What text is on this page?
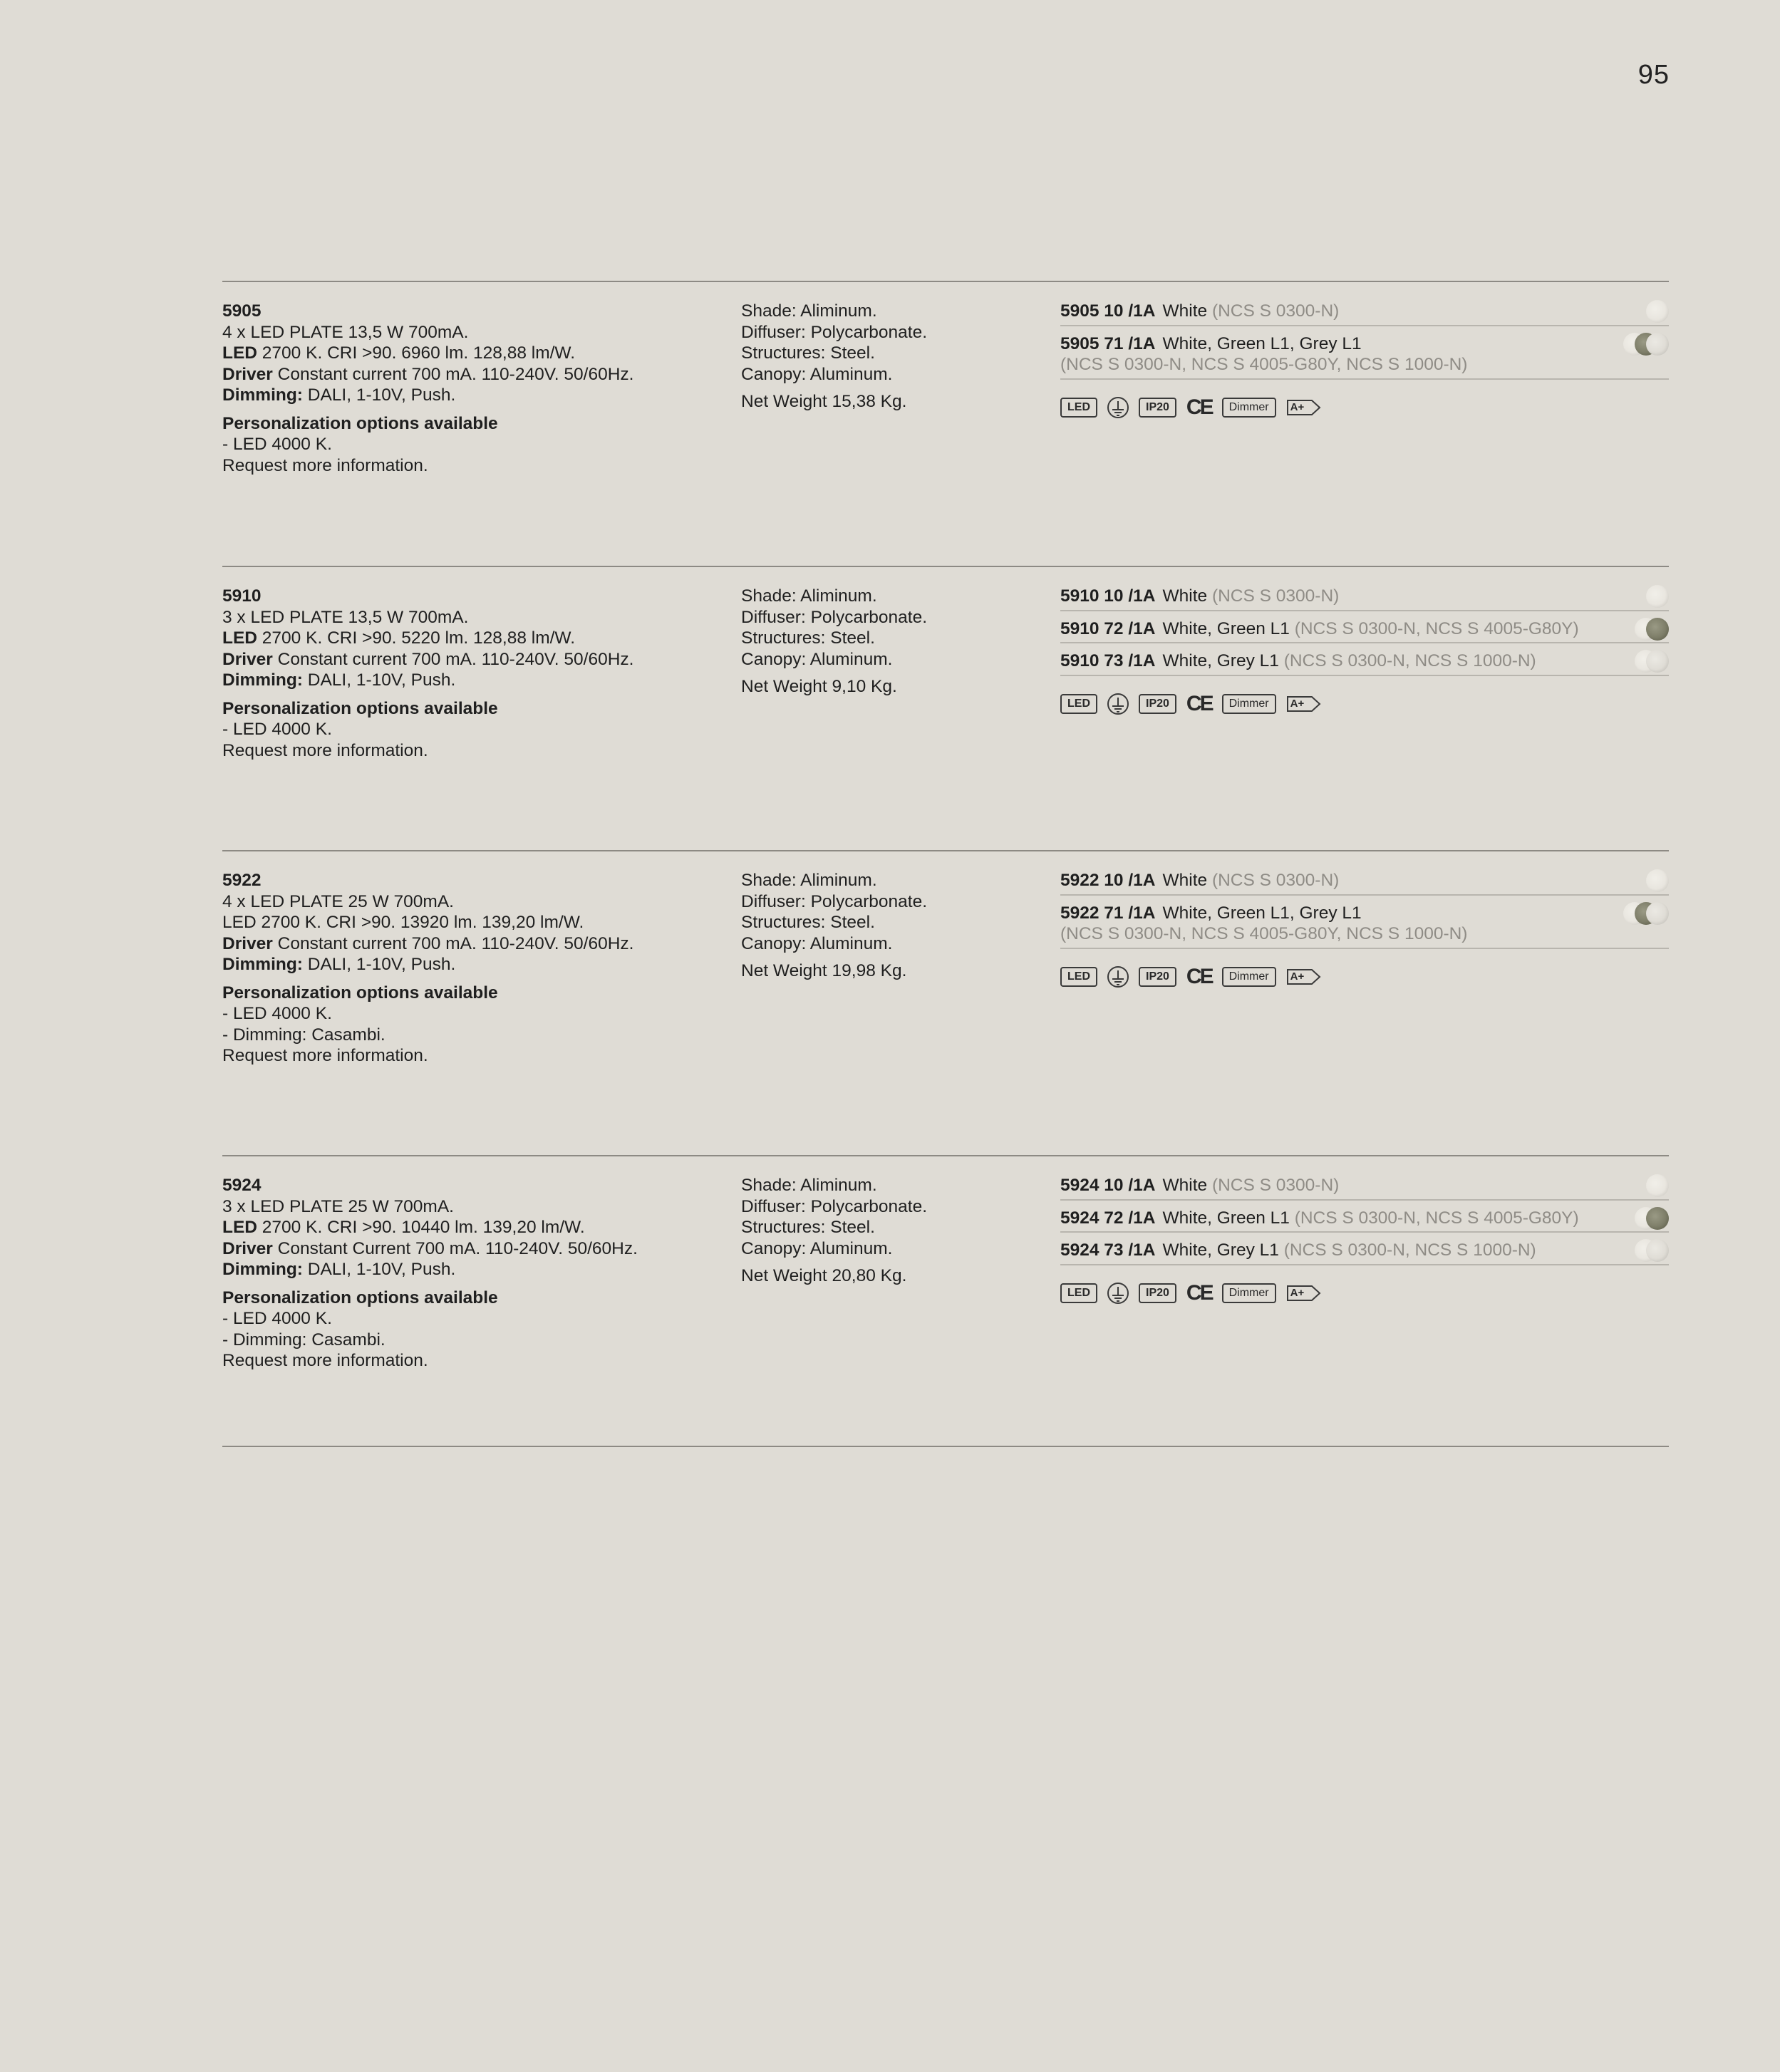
95
5905
4 x LED PLATE 13,5 W 700mA.
LED 2700 K. CRI >90. 6960 lm. 128,88 lm/W.
Driver Constant current 700 mA. 110-240V. 50/60Hz.
Dimming: DALI, 1-10V, Push.
Personalization options available
- LED 4000 K.
Request more information.
Shade: Aliminum.
Diffuser: Polycarbonate.
Structures: Steel.
Canopy: Aluminum.
Net Weight 15,38 Kg.
5905 10 /1A White (NCS S 0300-N)
5905 71 /1A White, Green L1, Grey L1
(NCS S 0300-N, NCS S 4005-G80Y, NCS S 1000-N)
LED	IP20 CE	Dimmer	A+
5910
3 x LED PLATE 13,5 W 700mA.
LED 2700 K. CRI >90. 5220 lm. 128,88 lm/W.
Driver Constant current 700 mA. 110-240V. 50/60Hz.
Dimming: DALI, 1-10V, Push.
Personalization options available
- LED 4000 K.
Request more information.
Shade: Aliminum.
Diffuser: Polycarbonate.
Structures: Steel.
Canopy: Aluminum.
Net Weight 9,10 Kg.
5910 10 /1A White (NCS S 0300-N)
5910 72 /1A White, Green L1 (NCS S 0300-N, NCS S 4005-G80Y)
5910 73 /1A White, Grey L1 (NCS S 0300-N, NCS S 1000-N)
LED	IP20 CE	Dimmer	A+
5922
4 x LED PLATE 25 W 700mA.
LED 2700 K. CRI >90. 13920 lm. 139,20 lm/W.
Driver Constant current 700 mA. 110-240V. 50/60Hz.
Dimming: DALI, 1-10V, Push.
Personalization options available
- LED 4000 K.
- Dimming: Casambi.
Request more information.
Shade: Aliminum.
Diffuser: Polycarbonate.
Structures: Steel.
Canopy: Aluminum.
Net Weight 19,98 Kg.
5922 10 /1A White (NCS S 0300-N)
5922 71 /1A White, Green L1, Grey L1
(NCS S 0300-N, NCS S 4005-G80Y, NCS S 1000-N)
LED	IP20 CE	Dimmer	A+
5924
3 x LED PLATE 25 W 700mA.
LED 2700 K. CRI >90. 10440 lm. 139,20 lm/W.
Driver Constant Current 700 mA. 110-240V. 50/60Hz.
Dimming: DALI, 1-10V, Push.
Personalization options available
- LED 4000 K.
- Dimming: Casambi.
Request more information.
Shade: Aliminum.
Diffuser: Polycarbonate.
Structures: Steel.
Canopy: Aluminum.
Net Weight 20,80 Kg.
5924 10 /1A White (NCS S 0300-N)
5924 72 /1A White, Green L1 (NCS S 0300-N, NCS S 4005-G80Y)
5924 73 /1A White, Grey L1 (NCS S 0300-N, NCS S 1000-N)
LED	IP20 CE	Dimmer	A+
